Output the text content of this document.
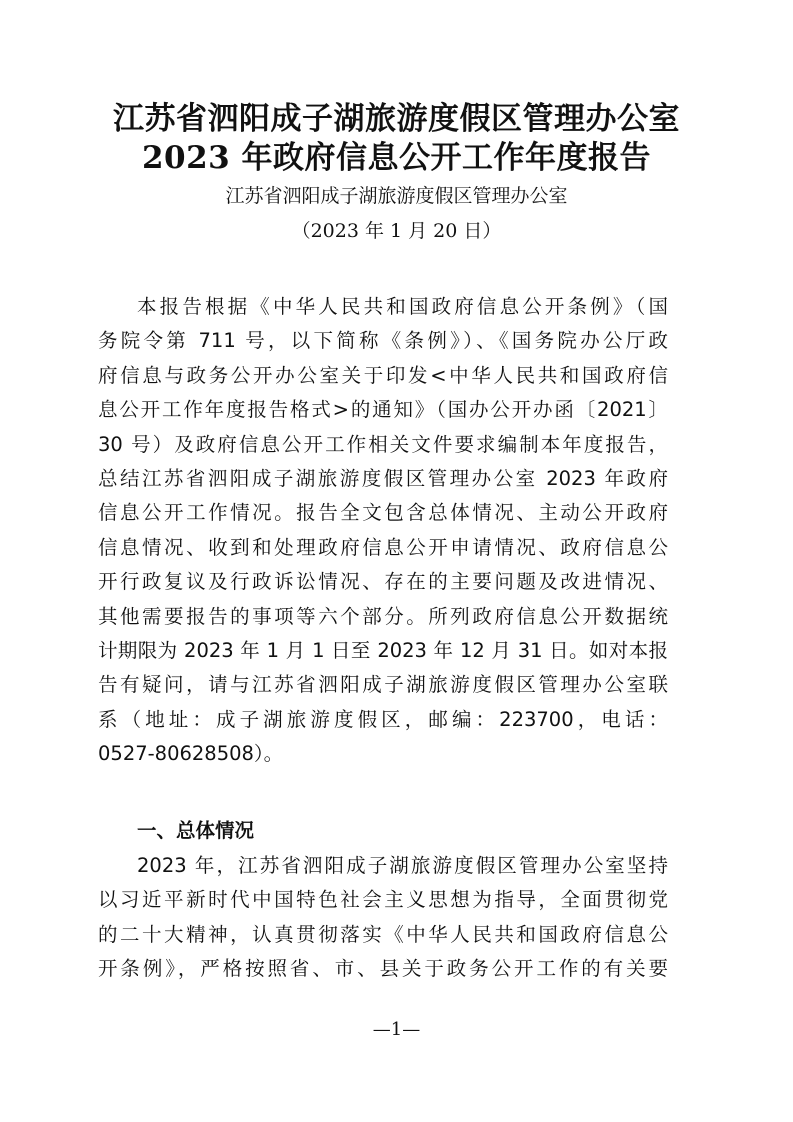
江苏省泗阳成子湖旅游度假区管理办公室
2023 年政府信息公开工作年度报告
江苏省泗阳成子湖旅游度假区管理办公室
（2023 年 1 月 20 日）
本报告根据《中华人民共和国政府信息公开条例》（国
务院令第 711 号，以下简称《条例》）、《国务院办公厅政
府信息与政务公开办公室关于印发<中华人民共和国政府信
息公开工作年度报告格式>的通知》（国办公开办函〔2021〕
30 号）及政府信息公开工作相关文件要求编制本年度报告，
总结江苏省泗阳成子湖旅游度假区管理办公室 2023 年政府
信息公开工作情况。报告全文包含总体情况、主动公开政府
信息情况、收到和处理政府信息公开申请情况、政府信息公
开行政复议及行政诉讼情况、存在的主要问题及改进情况、
其他需要报告的事项等六个部分。所列政府信息公开数据统
计期限为 2023 年 1 月 1 日至 2023 年 12 月 31 日。如对本报
告有疑问，请与江苏省泗阳成子湖旅游度假区管理办公室联
系（地址：成子湖旅游度假区，邮编：223700，电话：
0527-80628508）。
一、总体情况
2023 年，江苏省泗阳成子湖旅游度假区管理办公室坚持
以习近平新时代中国特色社会主义思想为指导，全面贯彻党
的二十大精神，认真贯彻落实《中华人民共和国政府信息公
开条例》，严格按照省、市、县关于政务公开工作的有关要
—1—
